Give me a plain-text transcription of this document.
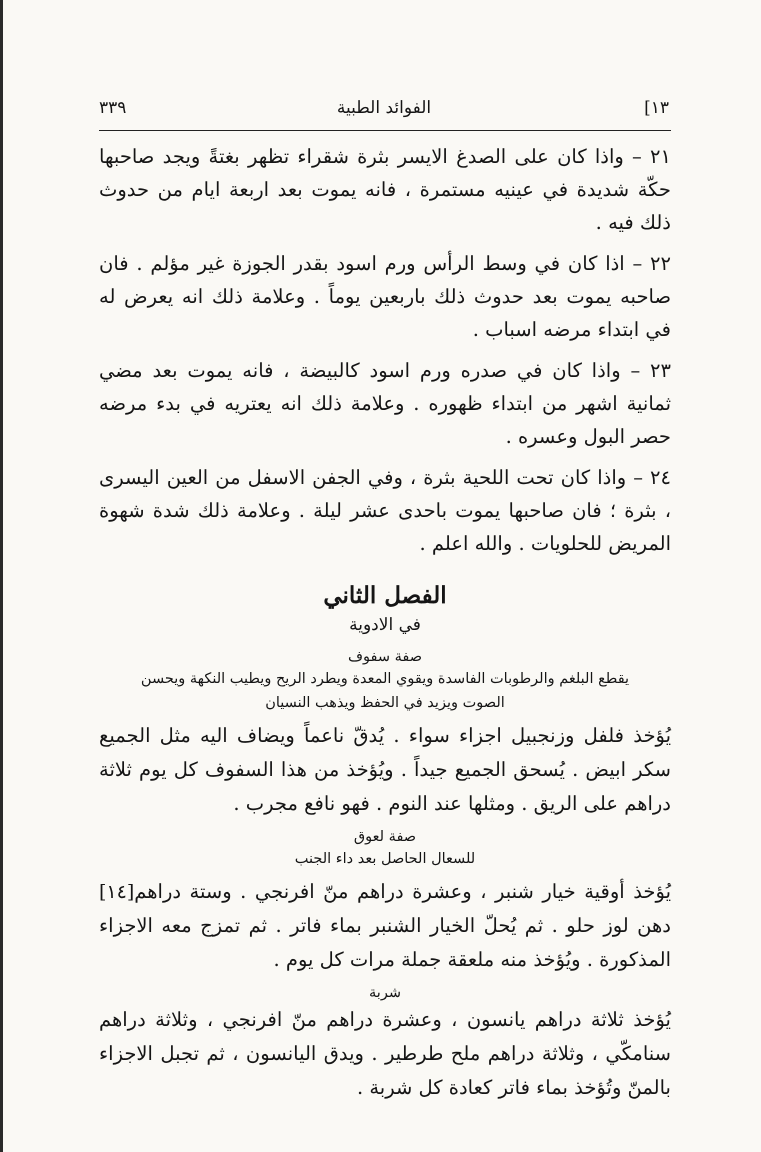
١٣]
الفوائد الطبية
٣٣٩

٢١ – واذا كان على الصدغ الايسر بثرة شقراء تظهر بغتةً ويجد صاحبها حكّة شديدة في عينيه مستمرة ، فانه يموت بعد اربعة ايام من حدوث ذلك فيه .

٢٢ – اذا كان في وسط الرأس ورم اسود بقدر الجوزة غير مؤلم . فان صاحبه يموت بعد حدوث ذلك باربعين يوماً . وعلامة ذلك انه يعرض له في ابتداء مرضه اسباب .

٢٣ – واذا كان في صدره ورم اسود كالبيضة ، فانه يموت بعد مضي ثمانية اشهر من ابتداء ظهوره . وعلامة ذلك انه يعتريه في بدء مرضه حصر البول وعسره .

٢٤ – واذا كان تحت اللحية بثرة ، وفي الجفن الاسفل من العين اليسرى ، بثرة ؛ فان صاحبها يموت باحدى عشر ليلة . وعلامة ذلك شدة شهوة المريض للحلويات . والله اعلم .

الفصل الثاني
في الادوية
صفة سفوف
يقطع البلغم والرطوبات الفاسدة ويقوي المعدة ويطرد الريح ويطيب النكهة ويحسن الصوت ويزيد في الحفظ ويذهب النسيان

يُؤخذ فلفل وزنجبيل اجزاء سواء . يُدقّ ناعماً ويضاف اليه مثل الجميع سكر ابيض . يُسحق الجميع جيداً . ويُؤخذ من هذا السفوف كل يوم ثلاثة دراهم على الريق . ومثلها عند النوم . فهو نافع مجرب .

صفة لعوق
للسعال الحاصل بعد داء الجنب

[١٤] يُؤخذ أوقية خيار شنبر ، وعشرة دراهم منّ افرنجي . وستة دراهم دهن لوز حلو . ثم يُحلّ الخيار الشنبر بماء فاتر . ثم تمزج معه الاجزاء المذكورة . ويُؤخذ منه ملعقة جملة مرات كل يوم .

شربة

يُؤخذ ثلاثة دراهم يانسون ، وعشرة دراهم منّ افرنجي ، وثلاثة دراهم سنامكّي ، وثلاثة دراهم ملح طرطير . ويدق اليانسون ، ثم تجبل الاجزاء بالمنّ وتُؤخذ بماء فاتر كعادة كل شربة .
